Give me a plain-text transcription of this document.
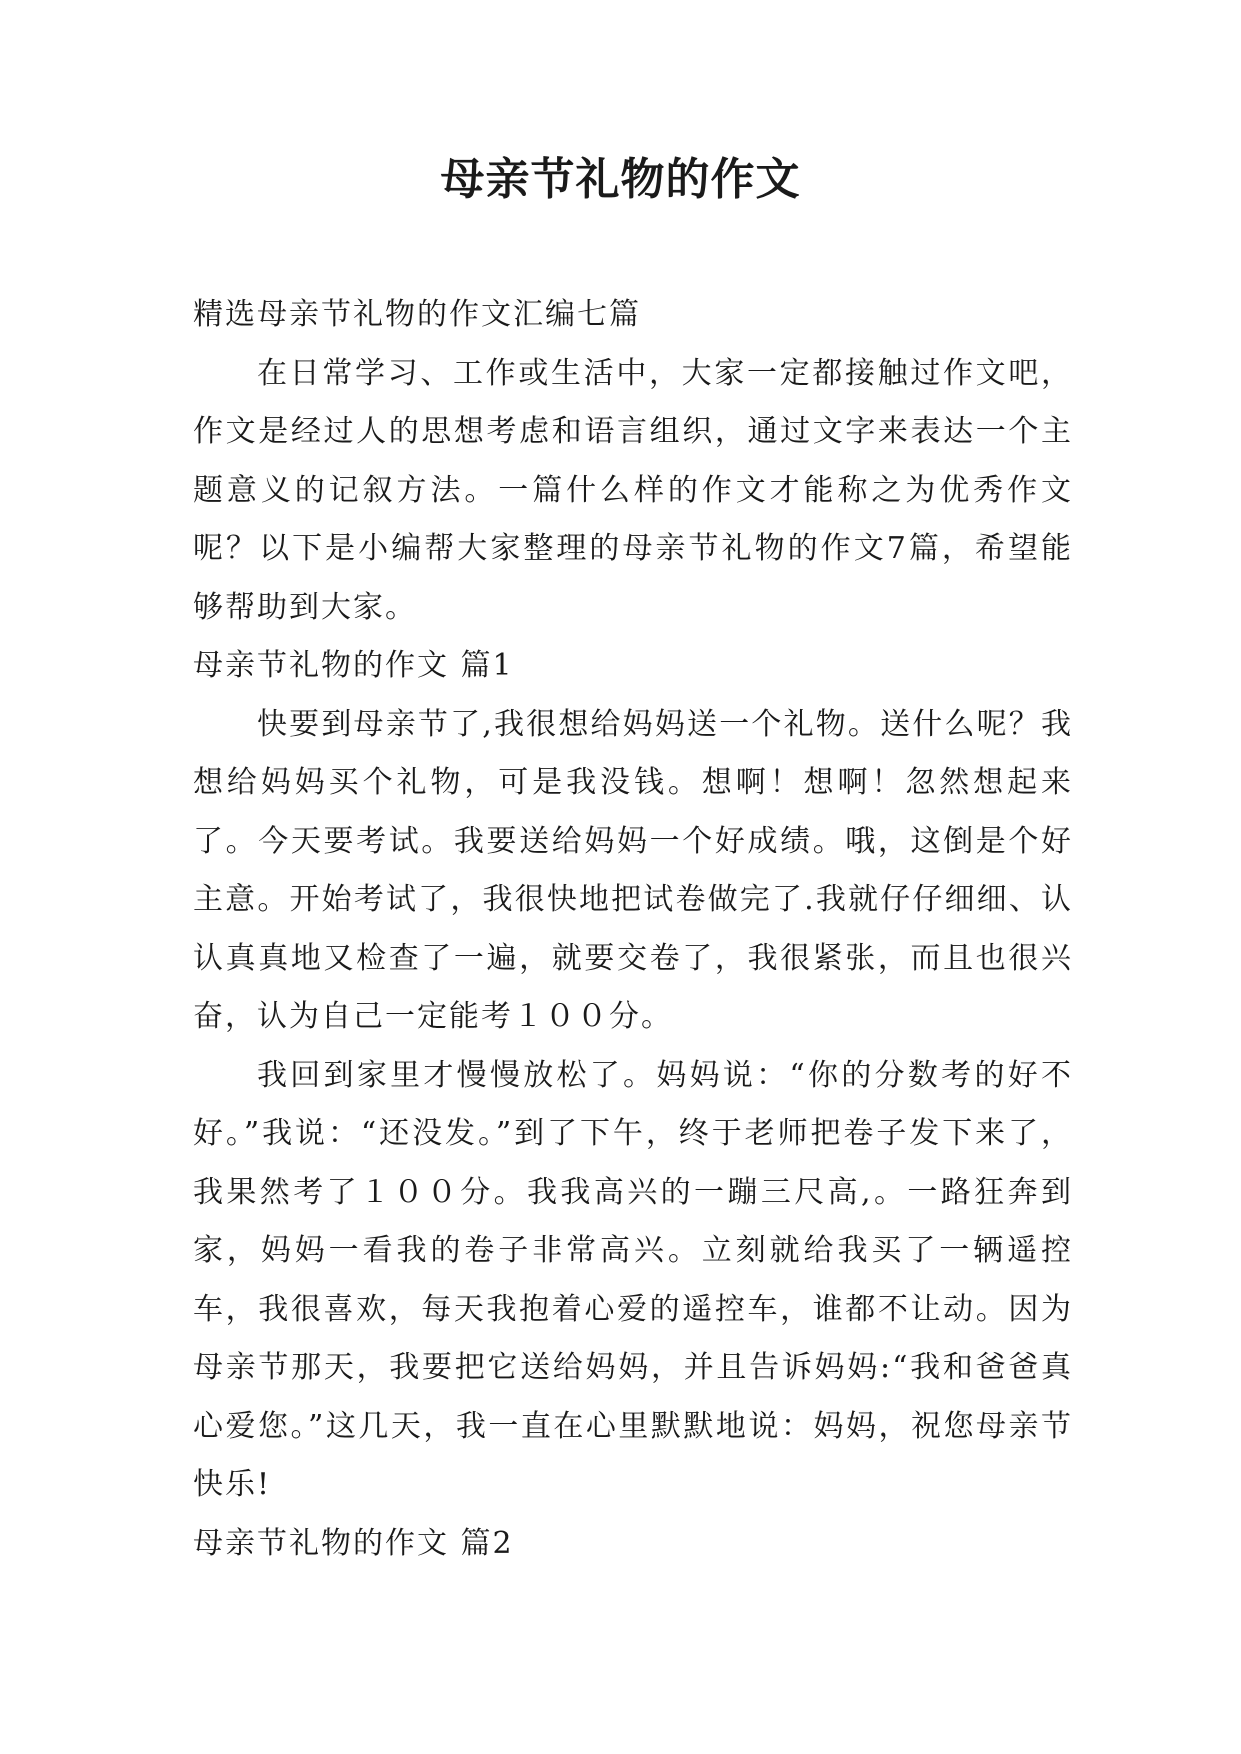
母亲节礼物的作文

精选母亲节礼物的作文汇编七篇

在日常学习、工作或生活中，大家一定都接触过作文吧，作文是经过人的思想考虑和语言组织，通过文字来表达一个主题意义的记叙方法。一篇什么样的作文才能称之为优秀作文呢？以下是小编帮大家整理的母亲节礼物的作文7篇，希望能够帮助到大家。

母亲节礼物的作文 篇1

快要到母亲节了,我很想给妈妈送一个礼物。送什么呢？我想给妈妈买个礼物，可是我没钱。想啊！想啊！忽然想起来了。今天要考试。我要送给妈妈一个好成绩。哦，这倒是个好主意。开始考试了，我很快地把试卷做完了.我就仔仔细细、认认真真地又检查了一遍，就要交卷了，我很紧张，而且也很兴奋，认为自己一定能考１００分。

我回到家里才慢慢放松了。妈妈说：“你的分数考的好不好。”我说：“还没发。”到了下午，终于老师把卷子发下来了，我果然考了１００分。我我高兴的一蹦三尺高,。一路狂奔到家，妈妈一看我的卷子非常高兴。立刻就给我买了一辆遥控车，我很喜欢，每天我抱着心爱的遥控车，谁都不让动。因为母亲节那天，我要把它送给妈妈，并且告诉妈妈:“我和爸爸真心爱您。”这几天，我一直在心里默默地说：妈妈，祝您母亲节快乐!

母亲节礼物的作文 篇2
